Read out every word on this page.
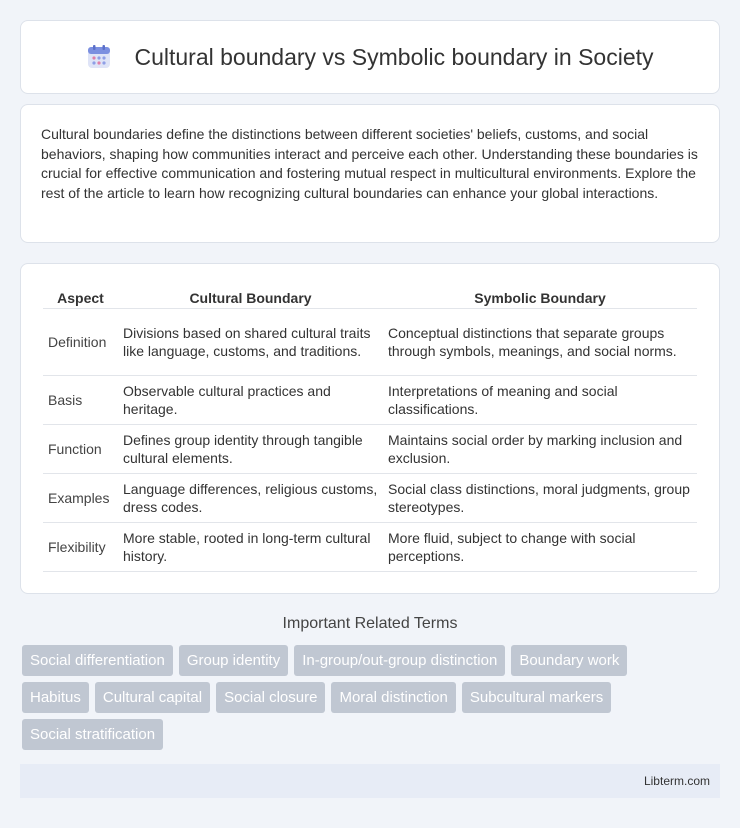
Cultural boundary vs Symbolic boundary in Society

Cultural boundaries define the distinctions between different societies' beliefs, customs, and social behaviors, shaping how communities interact and perceive each other. Understanding these boundaries is crucial for effective communication and fostering mutual respect in multicultural environments. Explore the rest of the article to learn how recognizing cultural boundaries can enhance your global interactions.

Aspect	Cultural Boundary	Symbolic Boundary
Definition	Divisions based on shared cultural traits like language, customs, and traditions.	Conceptual distinctions that separate groups through symbols, meanings, and social norms.
Basis	Observable cultural practices and heritage.	Interpretations of meaning and social classifications.
Function	Defines group identity through tangible cultural elements.	Maintains social order by marking inclusion and exclusion.
Examples	Language differences, religious customs, dress codes.	Social class distinctions, moral judgments, group stereotypes.
Flexibility	More stable, rooted in long-term cultural history.	More fluid, subject to change with social perceptions.
Important Related Terms
Social differentiation	Group identity	In-group/out-group distinction	Boundary work
Habitus	Cultural capital	Social closure	Moral distinction	Subcultural markers
Social stratification
Libterm.com
